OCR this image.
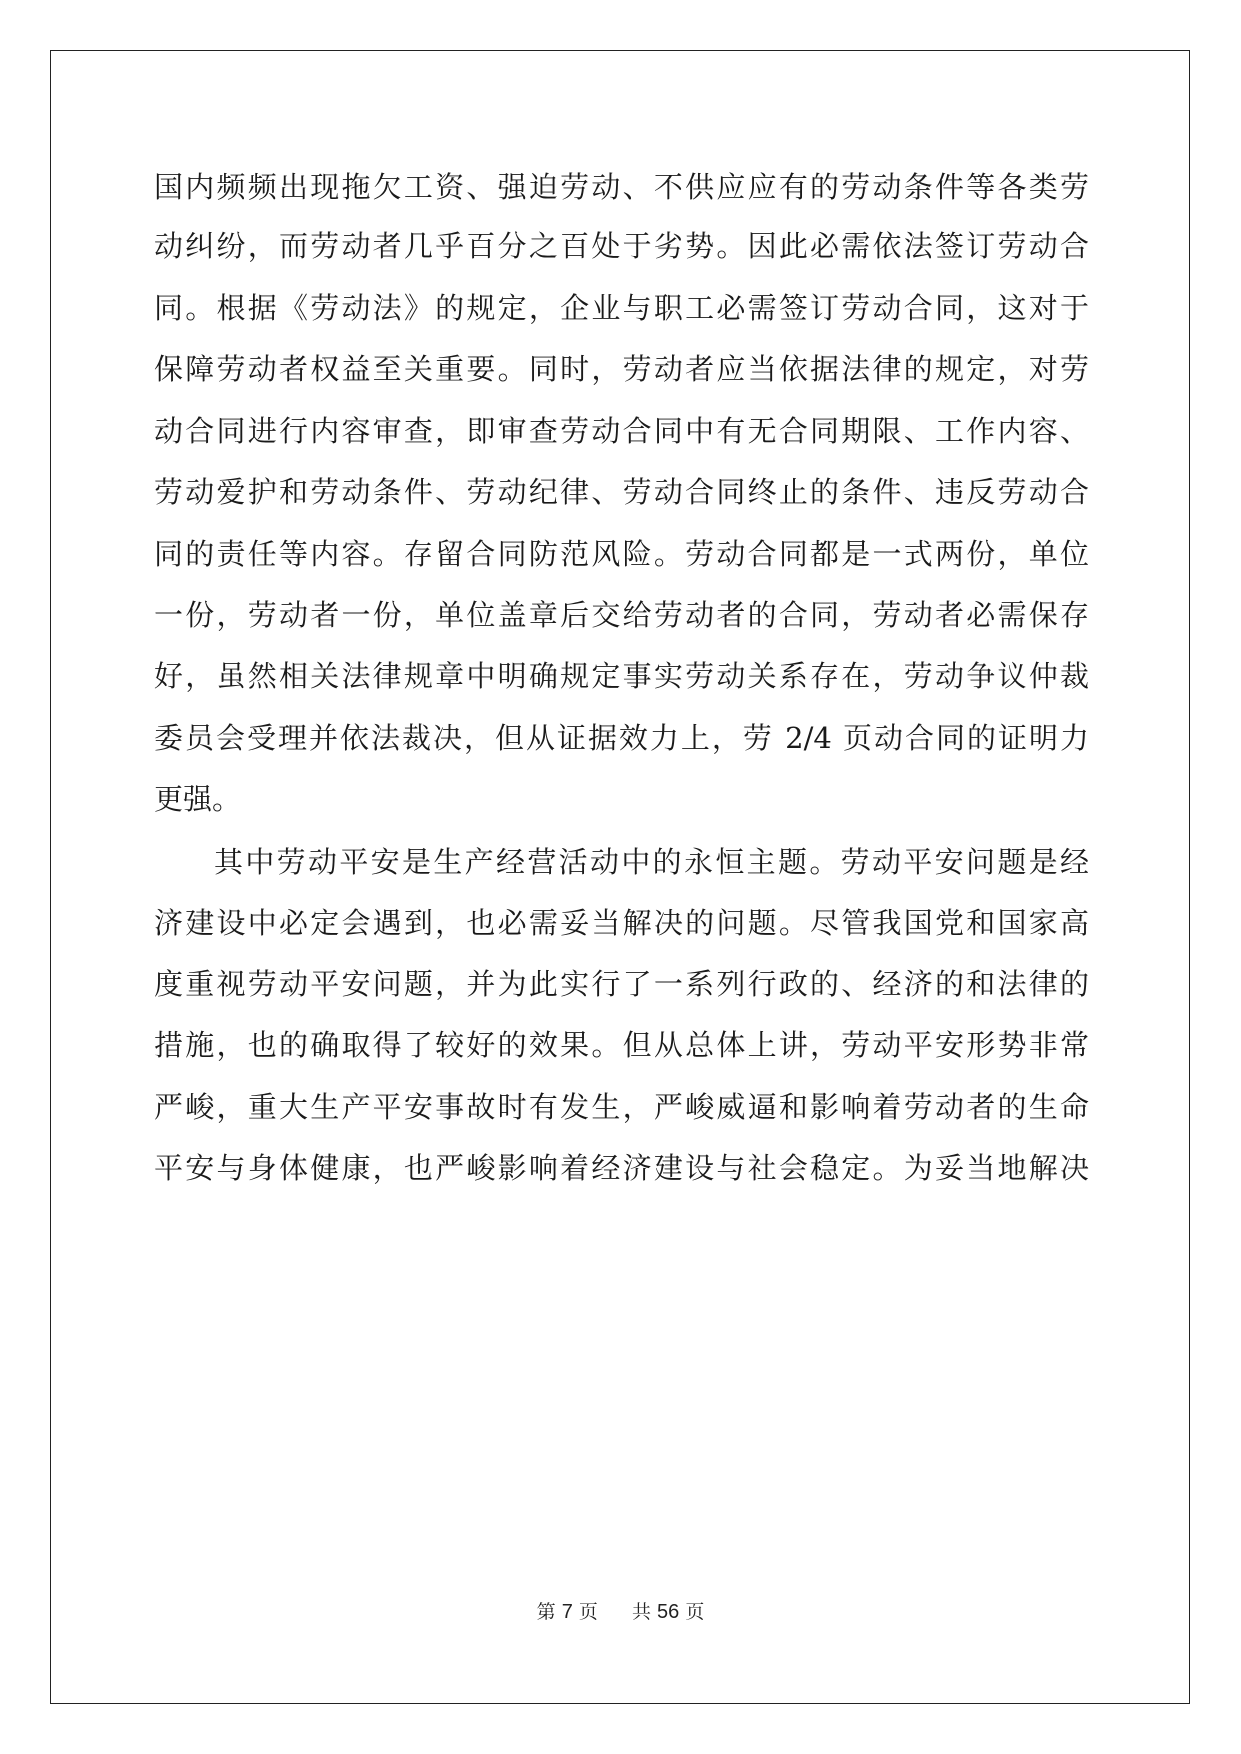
国内频频出现拖欠工资、强迫劳动、不供应应有的劳动条件等各类劳
动纠纷，而劳动者几乎百分之百处于劣势。因此必需依法签订劳动合
同。根据《劳动法》的规定，企业与职工必需签订劳动合同，这对于
保障劳动者权益至关重要。同时，劳动者应当依据法律的规定，对劳
动合同进行内容审查，即审查劳动合同中有无合同期限、工作内容、
劳动爱护和劳动条件、劳动纪律、劳动合同终止的条件、违反劳动合
同的责任等内容。存留合同防范风险。劳动合同都是一式两份，单位
一份，劳动者一份，单位盖章后交给劳动者的合同，劳动者必需保存
好，虽然相关法律规章中明确规定事实劳动关系存在，劳动争议仲裁
委员会受理并依法裁决，但从证据效力上，劳 2/4 页动合同的证明力
更强。
其中劳动平安是生产经营活动中的永恒主题。劳动平安问题是经
济建设中必定会遇到，也必需妥当解决的问题。尽管我国党和国家高
度重视劳动平安问题，并为此实行了一系列行政的、经济的和法律的
措施，也的确取得了较好的效果。但从总体上讲，劳动平安形势非常
严峻，重大生产平安事故时有发生，严峻威逼和影响着劳动者的生命
平安与身体健康，也严峻影响着经济建设与社会稳定。为妥当地解决
第 7 页 共 56 页
